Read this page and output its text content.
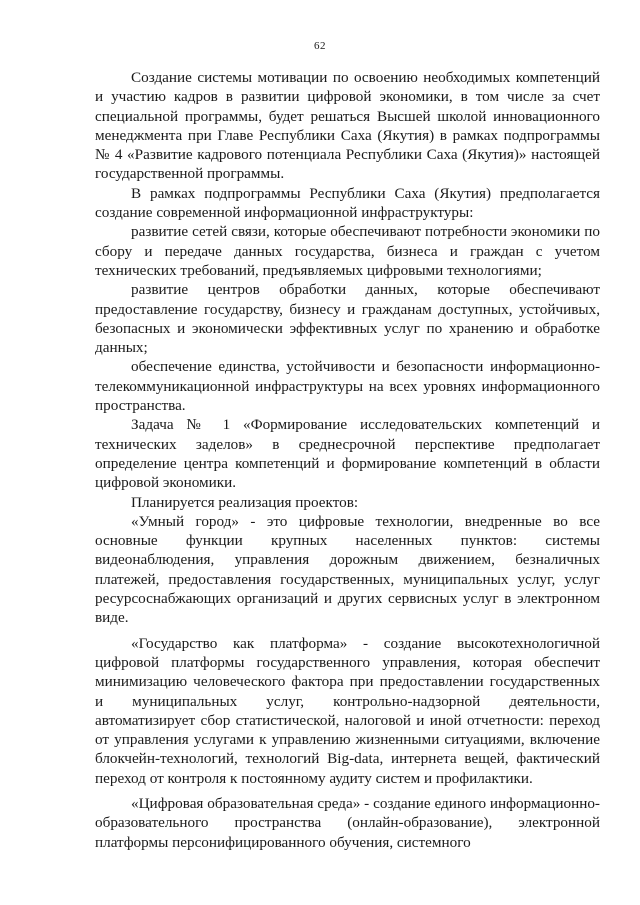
62

Создание системы мотивации по освоению необходимых компетенций и участию кадров в развитии цифровой экономики, в том числе за счет специальной программы, будет решаться Высшей школой инновационного менеджмента при Главе Республики Саха (Якутия) в рамках подпрограммы № 4 «Развитие кадрового потенциала Республики Саха (Якутия)» настоящей государственной программы.

В рамках подпрограммы Республики Саха (Якутия) предполагается создание современной информационной инфраструктуры:

развитие сетей связи, которые обеспечивают потребности экономики по сбору и передаче данных государства, бизнеса и граждан с учетом технических требований, предъявляемых цифровыми технологиями;

развитие центров обработки данных, которые обеспечивают предоставление государству, бизнесу и гражданам доступных, устойчивых, безопасных и экономически эффективных услуг по хранению и обработке данных;

обеспечение единства, устойчивости и безопасности информационно-телекоммуникационной инфраструктуры на всех уровнях информационного пространства.

Задача № 1 «Формирование исследовательских компетенций и технических заделов» в среднесрочной перспективе предполагает определение центра компетенций и формирование компетенций в области цифровой экономики.

Планируется реализация проектов:

«Умный город» - это цифровые технологии, внедренные во все основные функции крупных населенных пунктов: системы видеонаблюдения, управления дорожным движением, безналичных платежей, предоставления государственных, муниципальных услуг, услуг ресурсоснабжающих организаций и других сервисных услуг в электронном виде.

«Государство как платформа» - создание высокотехнологичной цифровой платформы государственного управления, которая обеспечит минимизацию человеческого фактора при предоставлении государственных и муниципальных услуг, контрольно-надзорной деятельности, автоматизирует сбор статистической, налоговой и иной отчетности: переход от управления услугами к управлению жизненными ситуациями, включение блокчейн-технологий, технологий Big-data, интернета вещей, фактический переход от контроля к постоянному аудиту систем и профилактики.

«Цифровая образовательная среда» - создание единого информационно-образовательного пространства (онлайн-образование), электронной платформы персонифицированного обучения, системного
